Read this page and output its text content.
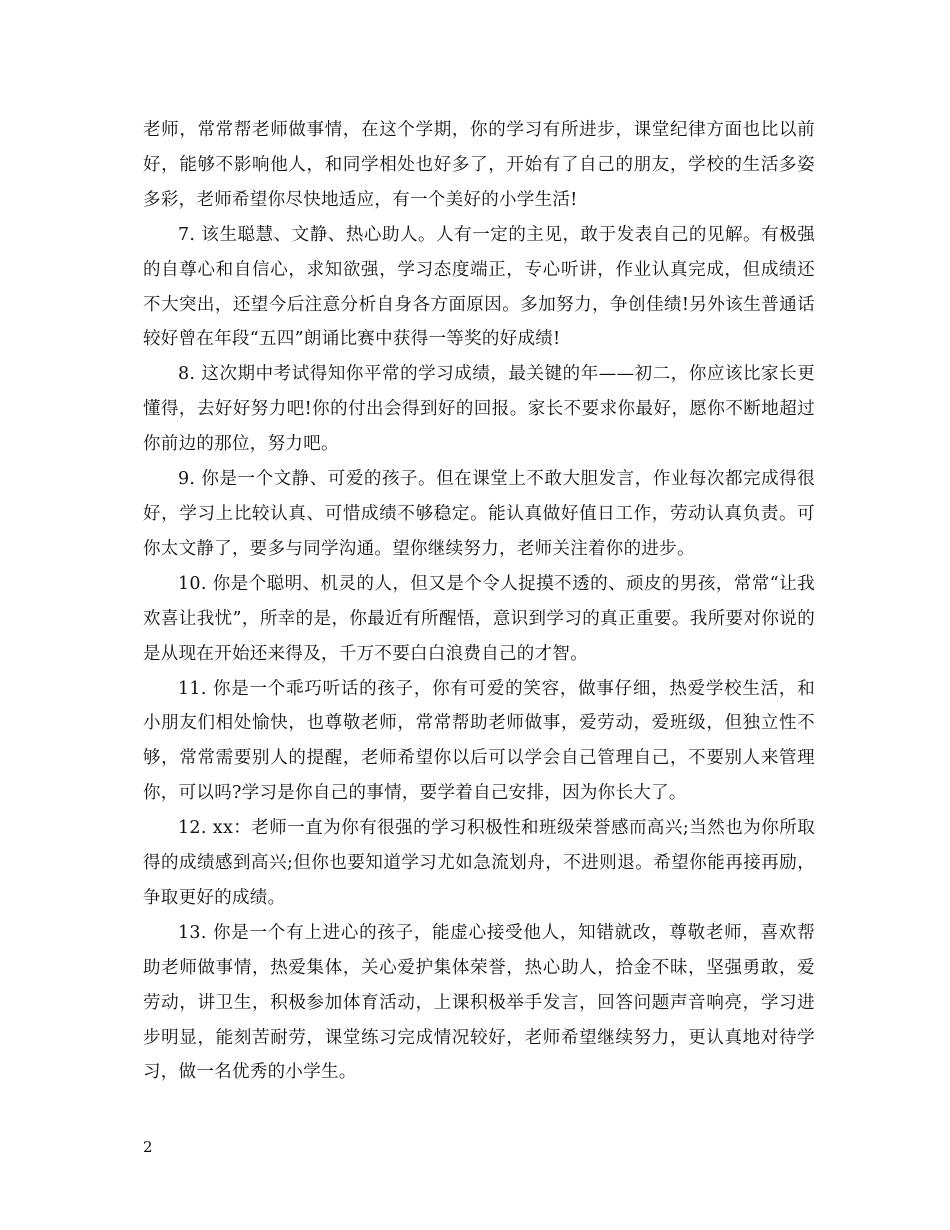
老师，常常帮老师做事情，在这个学期，你的学习有所进步，课堂纪律方面也比以前好，能够不影响他人，和同学相处也好多了，开始有了自己的朋友，学校的生活多姿多彩，老师希望你尽快地适应，有一个美好的小学生活!

7. 该生聪慧、文静、热心助人。人有一定的主见，敢于发表自己的见解。有极强的自尊心和自信心，求知欲强，学习态度端正，专心听讲，作业认真完成，但成绩还不大突出，还望今后注意分析自身各方面原因。多加努力，争创佳绩!另外该生普通话较好曾在年段“五四”朗诵比赛中获得一等奖的好成绩!

8. 这次期中考试得知你平常的学习成绩，最关键的年——初二，你应该比家长更懂得，去好好努力吧!你的付出会得到好的回报。家长不要求你最好，愿你不断地超过你前边的那位，努力吧。

9. 你是一个文静、可爱的孩子。但在课堂上不敢大胆发言，作业每次都完成得很好，学习上比较认真、可惜成绩不够稳定。能认真做好值日工作，劳动认真负责。可你太文静了，要多与同学沟通。望你继续努力，老师关注着你的进步。

10. 你是个聪明、机灵的人，但又是个令人捉摸不透的、顽皮的男孩，常常“让我欢喜让我忧”，所幸的是，你最近有所醒悟，意识到学习的真正重要。我所要对你说的是从现在开始还来得及，千万不要白白浪费自己的才智。

11. 你是一个乖巧听话的孩子，你有可爱的笑容，做事仔细，热爱学校生活，和小朋友们相处愉快，也尊敬老师，常常帮助老师做事，爱劳动，爱班级，但独立性不够，常常需要别人的提醒，老师希望你以后可以学会自己管理自己，不要别人来管理你，可以吗?学习是你自己的事情，要学着自己安排，因为你长大了。

12. xx：老师一直为你有很强的学习积极性和班级荣誉感而高兴;当然也为你所取得的成绩感到高兴;但你也要知道学习尤如急流划舟，不进则退。希望你能再接再励，争取更好的成绩。

13. 你是一个有上进心的孩子，能虚心接受他人，知错就改，尊敬老师，喜欢帮助老师做事情，热爱集体，关心爱护集体荣誉，热心助人，拾金不昧，坚强勇敢，爱劳动，讲卫生，积极参加体育活动，上课积极举手发言，回答问题声音响亮，学习进步明显，能刻苦耐劳，课堂练习完成情况较好，老师希望继续努力，更认真地对待学习，做一名优秀的小学生。

2
